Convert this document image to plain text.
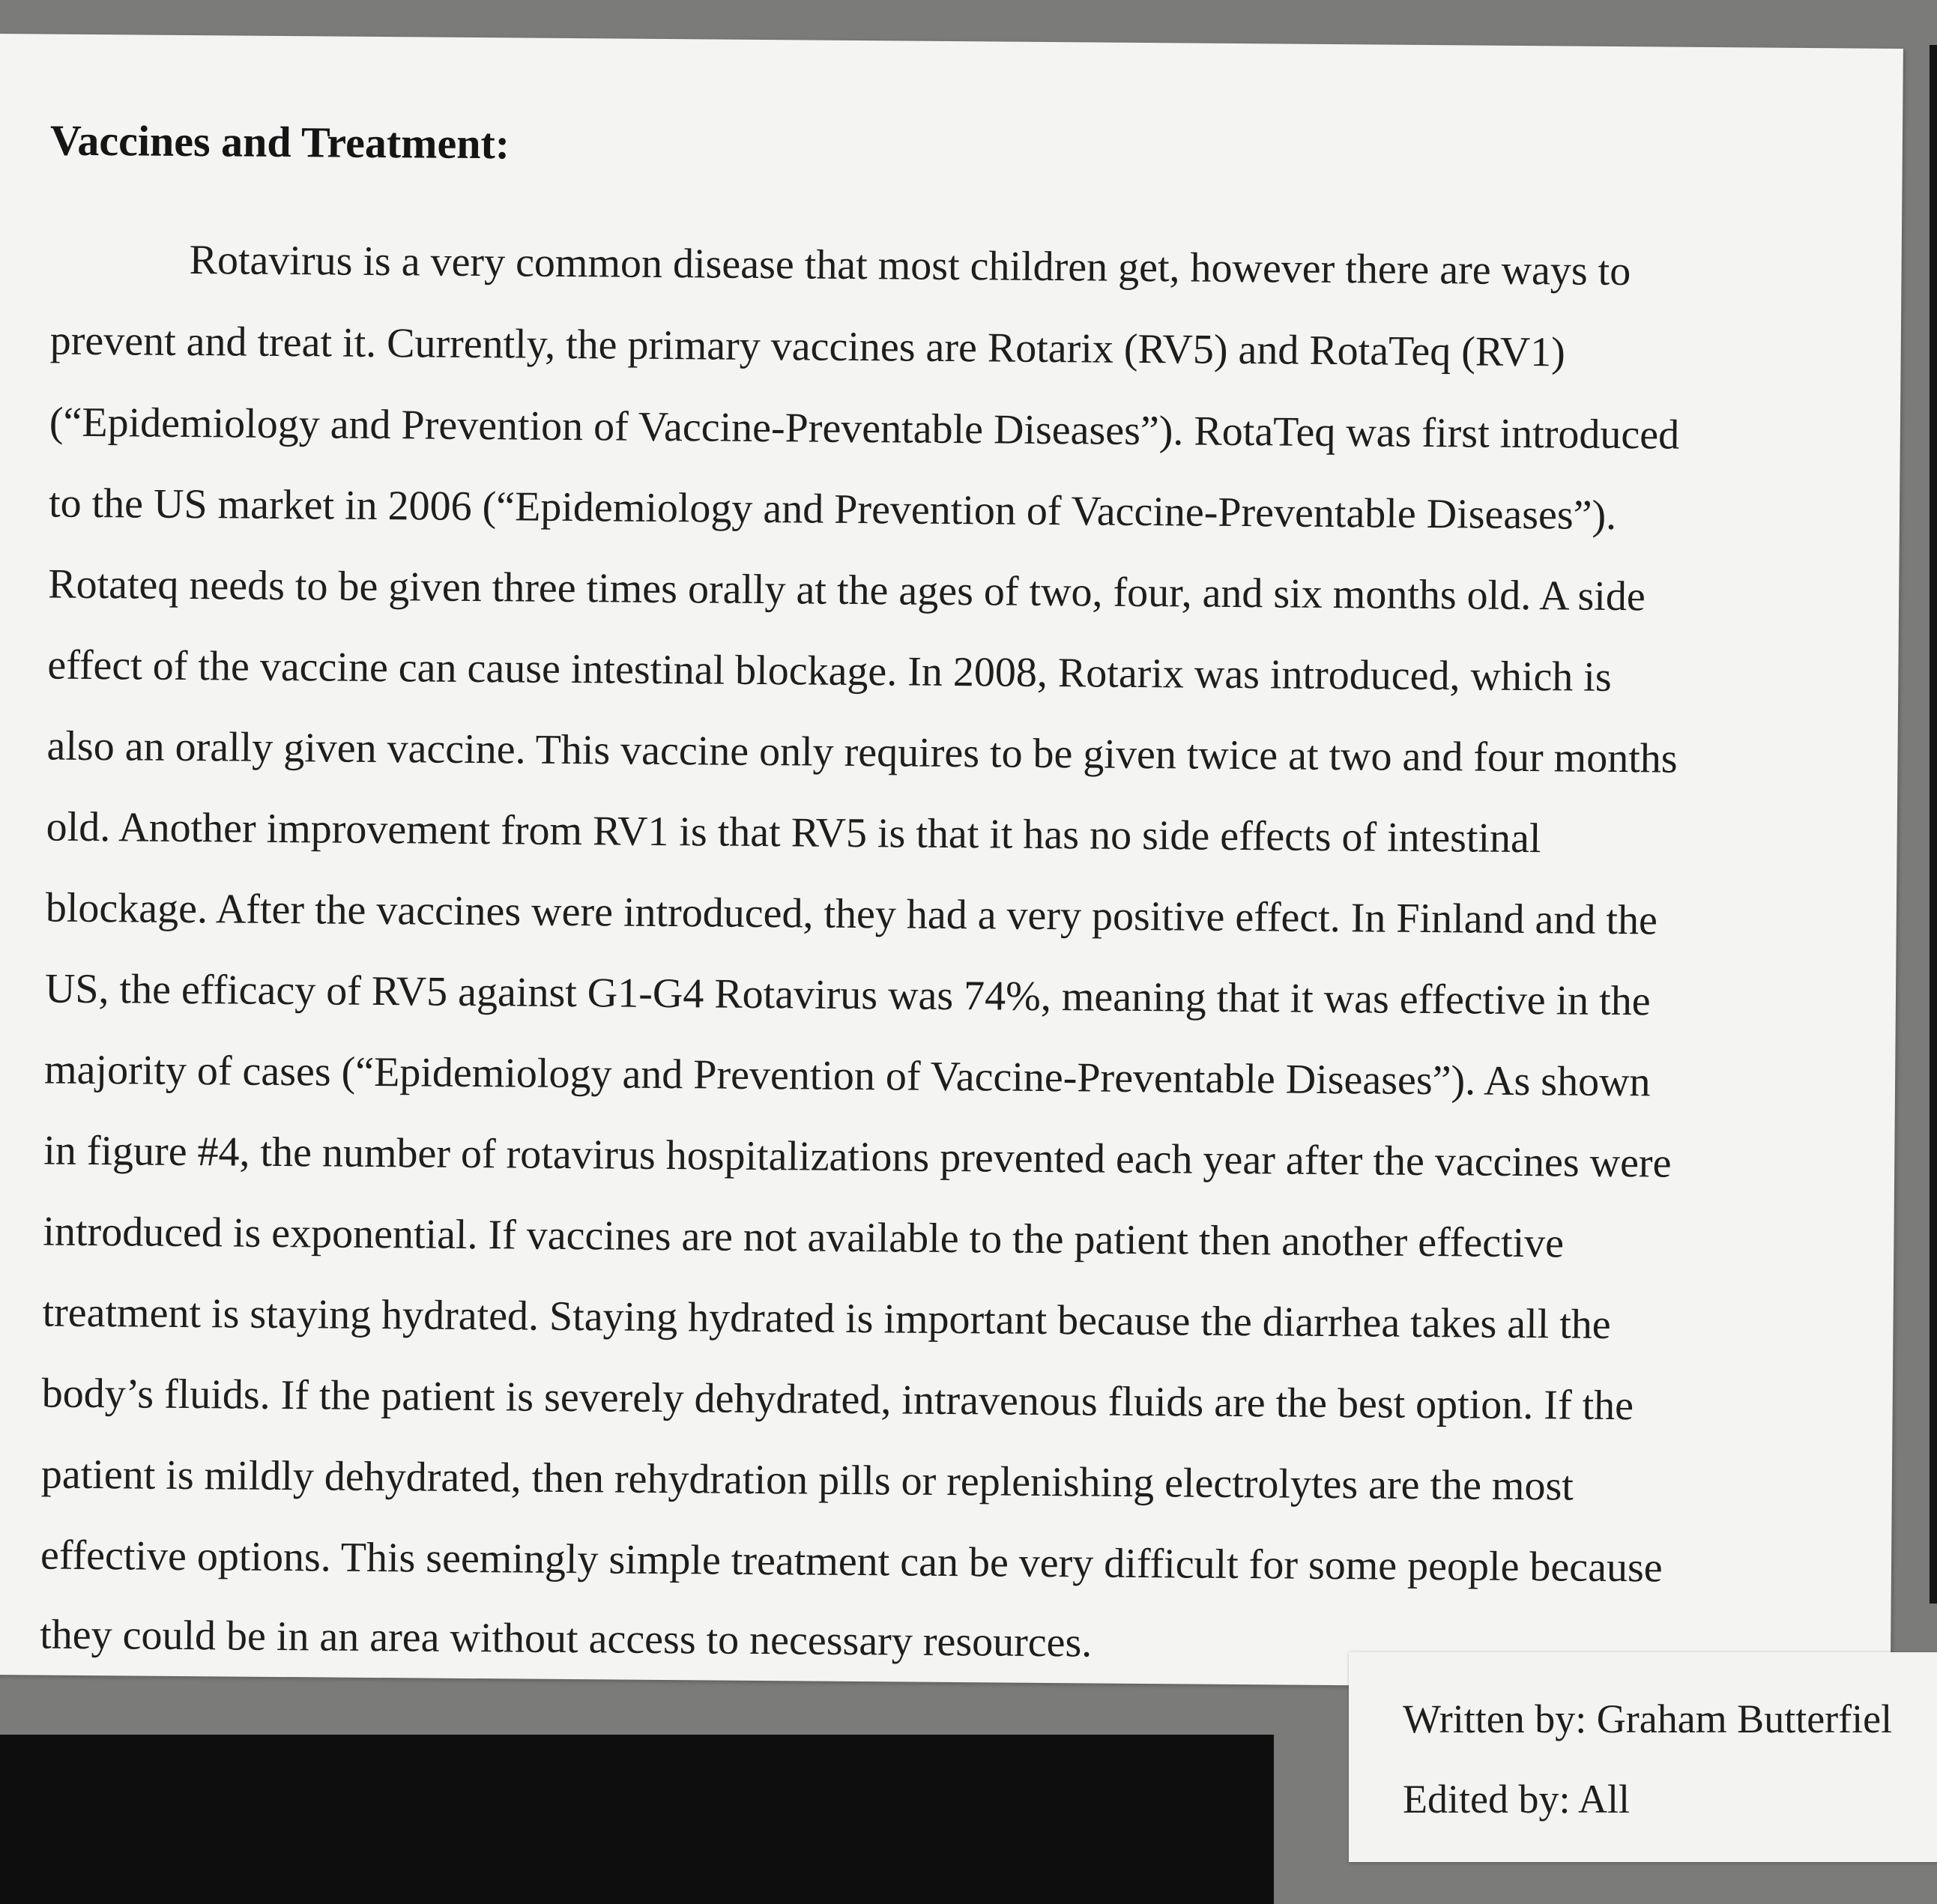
Vaccines and Treatment:

Rotavirus is a very common disease that most children get, however there are ways to

prevent and treat it. Currently, the primary vaccines are Rotarix (RV5) and RotaTeq (RV1)

(“Epidemiology and Prevention of Vaccine-Preventable Diseases”). RotaTeq was first introduced

to the US market in 2006 (“Epidemiology and Prevention of Vaccine-Preventable Diseases”).

Rotateq needs to be given three times orally at the ages of two, four, and six months old. A side

effect of the vaccine can cause intestinal blockage. In 2008, Rotarix was introduced, which is

also an orally given vaccine. This vaccine only requires to be given twice at two and four months

old. Another improvement from RV1 is that RV5 is that it has no side effects of intestinal

blockage. After the vaccines were introduced, they had a very positive effect. In Finland and the

US, the efficacy of RV5 against G1-G4 Rotavirus was 74%, meaning that it was effective in the

majority of cases (“Epidemiology and Prevention of Vaccine-Preventable Diseases”). As shown

in figure #4, the number of rotavirus hospitalizations prevented each year after the vaccines were

introduced is exponential. If vaccines are not available to the patient then another effective

treatment is staying hydrated. Staying hydrated is important because the diarrhea takes all the

body’s fluids. If the patient is severely dehydrated, intravenous fluids are the best option. If the

patient is mildly dehydrated, then rehydration pills or replenishing electrolytes are the most

effective options. This seemingly simple treatment can be very difficult for some people because

they could be in an area without access to necessary resources.

Written by: Graham Butterfiel

Edited by: All
